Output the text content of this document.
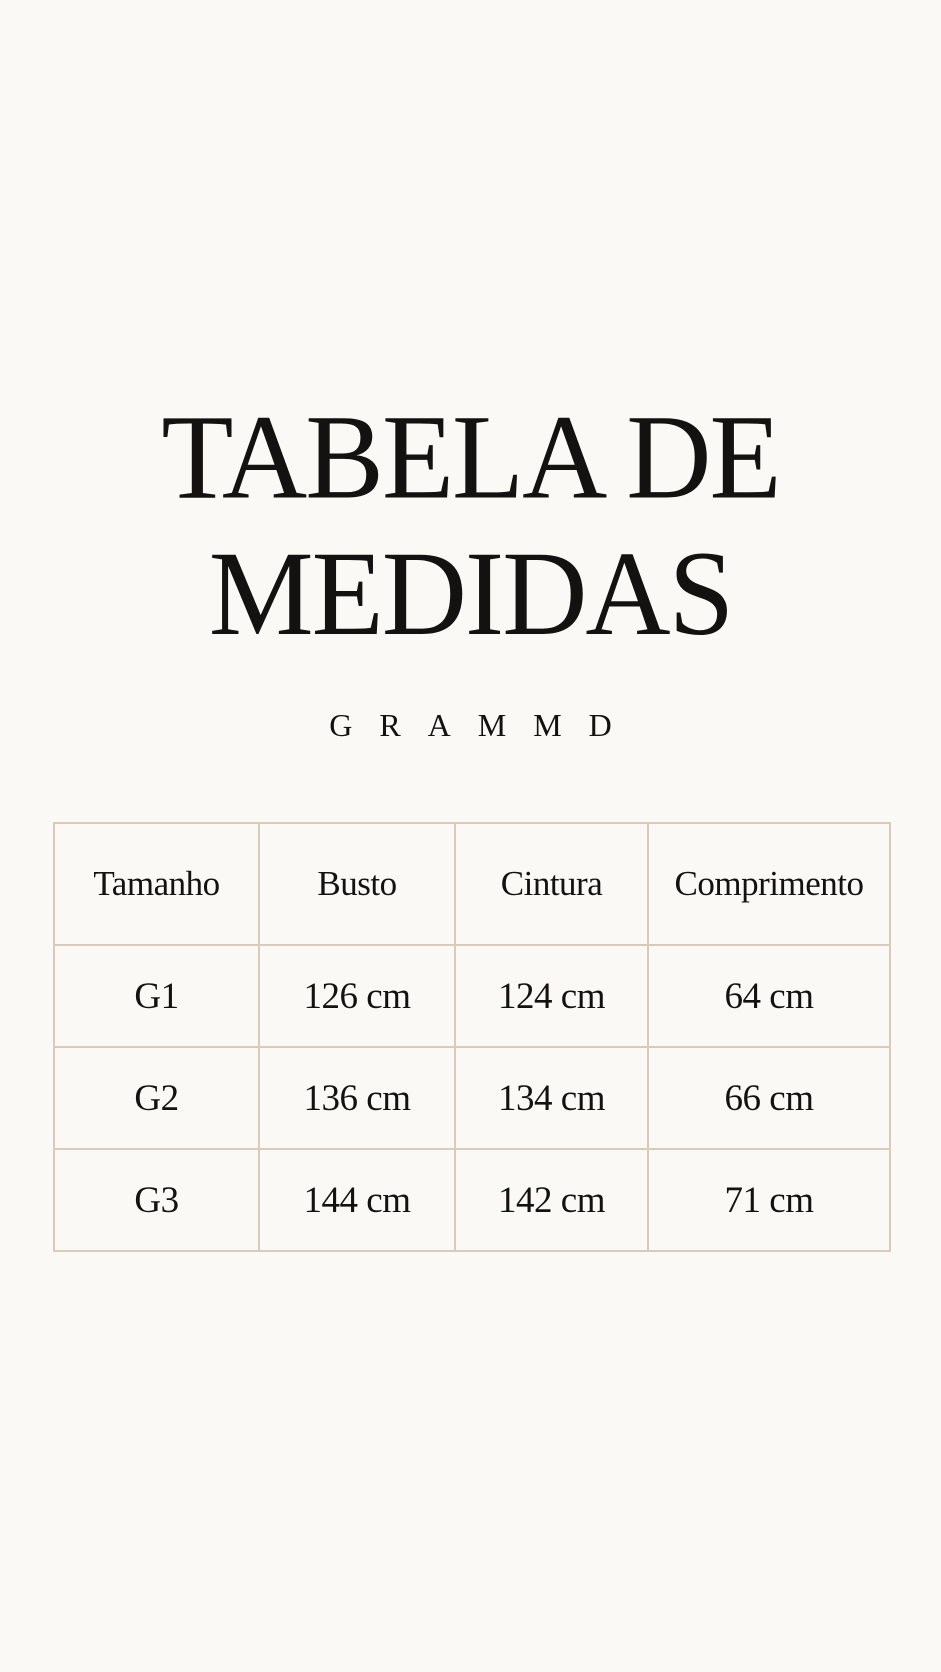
TABELA DE
MEDIDAS
GRAMMD
Tamanho	Busto	Cintura	Comprimento
G1	126 cm	124 cm	64 cm
G2	136 cm	134 cm	66 cm
G3	144 cm	142 cm	71 cm
